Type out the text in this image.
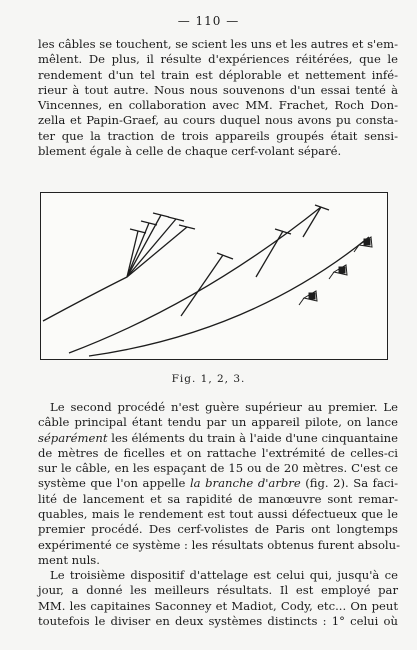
— 110 —

les câbles se touchent, se scient les uns et les autres et s'em-
mêlent. De plus, il résulte d'expériences réitérées, que le
rendement d'un tel train est déplorable et nettement infé-
rieur à tout autre. Nous nous souvenons d'un essai tenté à
Vincennes, en collaboration avec MM. Frachet, Roch Don-
zella et Papin-Graef, au cours duquel nous avons pu consta-
ter que la traction de trois appareils groupés était sensi-
blement égale à celle de chaque cerf-volant séparé.

Fig. 1, 2, 3.

Le second procédé n'est guère supérieur au premier. Le
câble principal étant tendu par un appareil pilote, on lance
séparément les éléments du train à l'aide d'une cinquantaine
de mètres de ficelles et on rattache l'extrémité de celles-ci
sur le câble, en les espaçant de 15 ou de 20 mètres. C'est ce
système que l'on appelle la branche d'arbre (fig. 2). Sa faci-
lité de lancement et sa rapidité de manœuvre sont remar-
quables, mais le rendement est tout aussi défectueux que le
premier procédé. Des cerf-volistes de Paris ont longtemps
expérimenté ce système : les résultats obtenus furent absolu-
ment nuls.

Le troisième dispositif d'attelage est celui qui, jusqu'à ce
jour, a donné les meilleurs résultats. Il est employé par
MM. les capitaines Saconney et Madiot, Cody, etc... On peut
toutefois le diviser en deux systèmes distincts : 1° celui où
